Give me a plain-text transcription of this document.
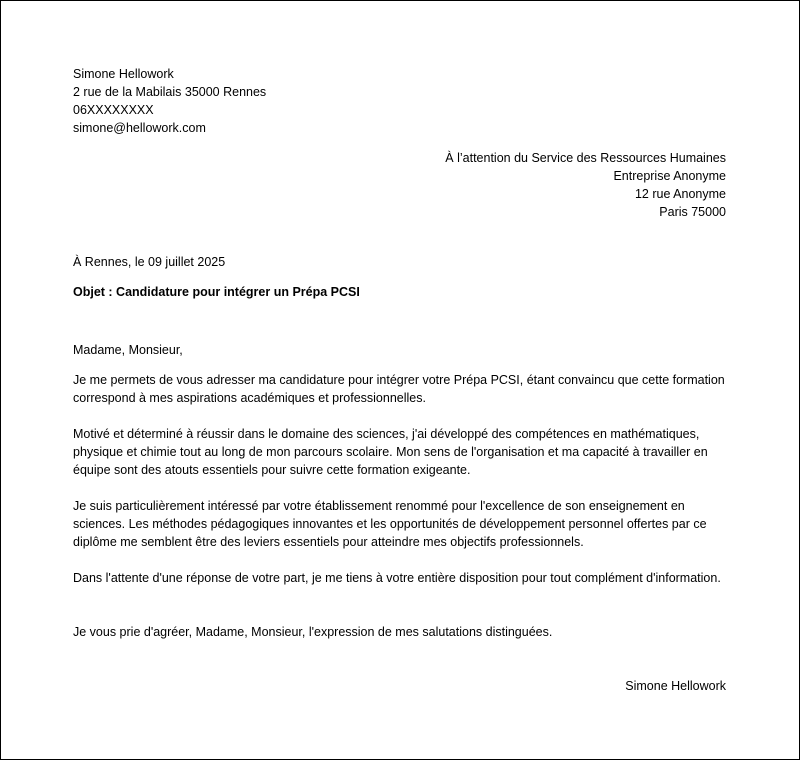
Simone Hellowork
2 rue de la Mabilais 35000 Rennes
06XXXXXXXX
simone@hellowork.com
À l’attention du Service des Ressources Humaines
Entreprise Anonyme
12 rue Anonyme
Paris 75000
À Rennes, le 09 juillet 2025
Objet : Candidature pour intégrer un Prépa PCSI
Madame, Monsieur,
Je me permets de vous adresser ma candidature pour intégrer votre Prépa PCSI, étant convaincu que cette formation correspond à mes aspirations académiques et professionnelles.
Motivé et déterminé à réussir dans le domaine des sciences, j'ai développé des compétences en mathématiques, physique et chimie tout au long de mon parcours scolaire. Mon sens de l'organisation et ma capacité à travailler en équipe sont des atouts essentiels pour suivre cette formation exigeante.
Je suis particulièrement intéressé par votre établissement renommé pour l'excellence de son enseignement en sciences. Les méthodes pédagogiques innovantes et les opportunités de développement personnel offertes par ce diplôme me semblent être des leviers essentiels pour atteindre mes objectifs professionnels.
Dans l'attente d'une réponse de votre part, je me tiens à votre entière disposition pour tout complément d'information.
Je vous prie d'agréer, Madame, Monsieur, l'expression de mes salutations distinguées.
Simone Hellowork
